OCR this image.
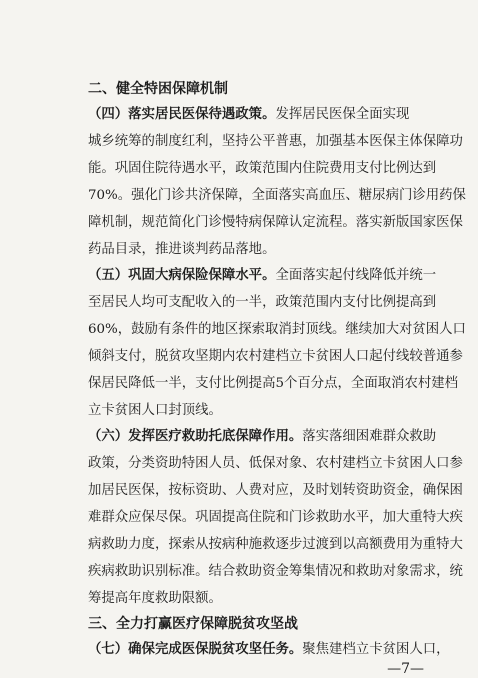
二、健全特困保障机制
（四）落实居民医保待遇政策。发挥居民医保全面实现
城乡统筹的制度红利，坚持公平普惠，加强基本医保主体保障功
能。巩固住院待遇水平，政策范围内住院费用支付比例达到
70%。强化门诊共济保障，全面落实高血压、糖尿病门诊用药保
障机制，规范简化门诊慢特病保障认定流程。落实新版国家医保
药品目录，推进谈判药品落地。
（五）巩固大病保险保障水平。全面落实起付线降低并统一
至居民人均可支配收入的一半，政策范围内支付比例提高到
60%，鼓励有条件的地区探索取消封顶线。继续加大对贫困人口
倾斜支付，脱贫攻坚期内农村建档立卡贫困人口起付线较普通参
保居民降低一半，支付比例提高5个百分点，全面取消农村建档
立卡贫困人口封顶线。
（六）发挥医疗救助托底保障作用。落实落细困难群众救助
政策，分类资助特困人员、低保对象、农村建档立卡贫困人口参
加居民医保，按标资助、人费对应，及时划转资助资金，确保困
难群众应保尽保。巩固提高住院和门诊救助水平，加大重特大疾
病救助力度，探索从按病种施救逐步过渡到以高额费用为重特大
疾病救助识别标准。结合救助资金筹集情况和救助对象需求，统
筹提高年度救助限额。
三、全力打赢医疗保障脱贫攻坚战
（七）确保完成医保脱贫攻坚任务。聚焦建档立卡贫困人口，
—7—
